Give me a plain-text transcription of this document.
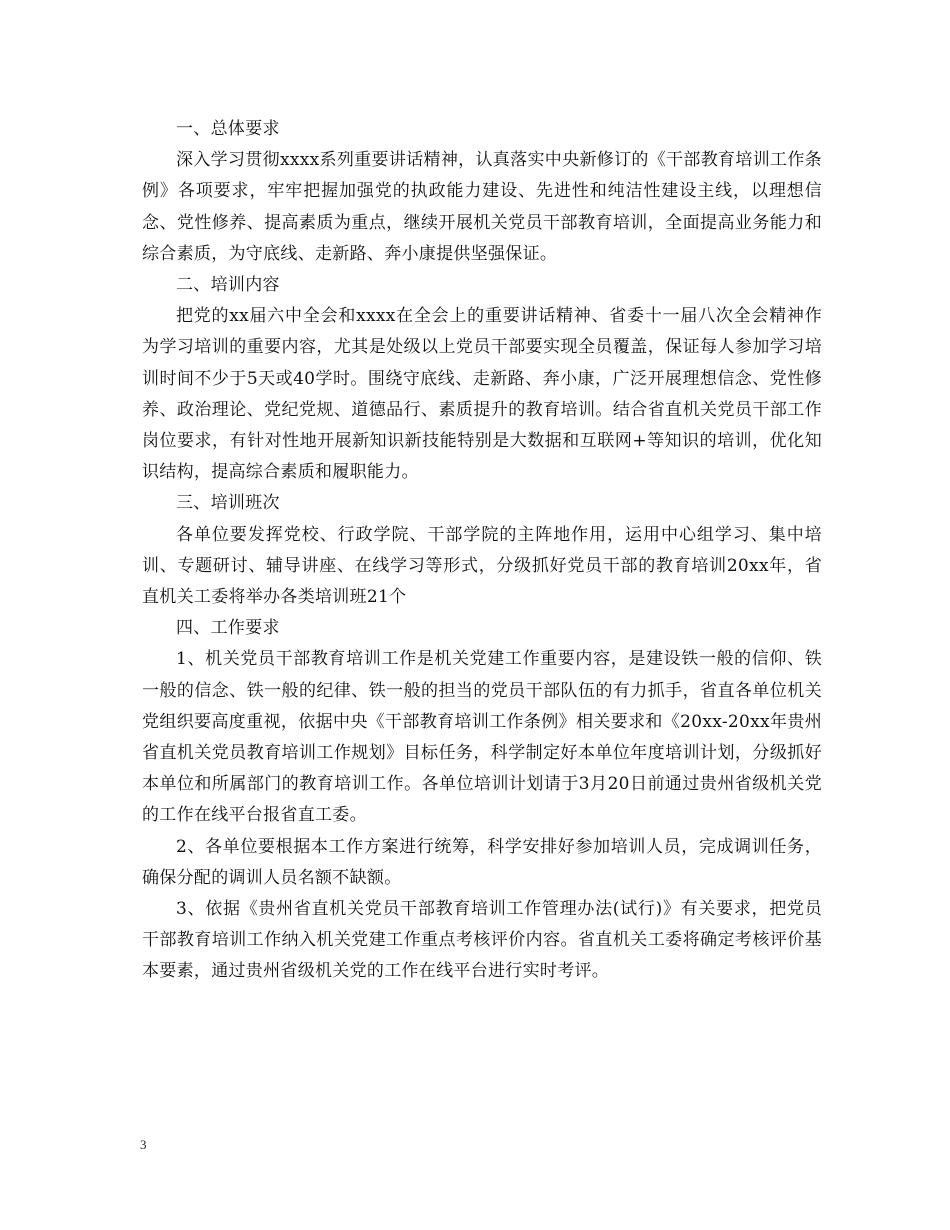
一、总体要求

深入学习贯彻xxxx系列重要讲话精神，认真落实中央新修订的《干部教育培训工作条例》各项要求，牢牢把握加强党的执政能力建设、先进性和纯洁性建设主线，以理想信念、党性修养、提高素质为重点，继续开展机关党员干部教育培训，全面提高业务能力和综合素质，为守底线、走新路、奔小康提供坚强保证。

二、培训内容

把党的xx届六中全会和xxxx在全会上的重要讲话精神、省委十一届八次全会精神作为学习培训的重要内容，尤其是处级以上党员干部要实现全员覆盖，保证每人参加学习培训时间不少于5天或40学时。围绕守底线、走新路、奔小康，广泛开展理想信念、党性修养、政治理论、党纪党规、道德品行、素质提升的教育培训。结合省直机关党员干部工作岗位要求，有针对性地开展新知识新技能特别是大数据和互联网+等知识的培训，优化知识结构，提高综合素质和履职能力。

三、培训班次

各单位要发挥党校、行政学院、干部学院的主阵地作用，运用中心组学习、集中培训、专题研讨、辅导讲座、在线学习等形式，分级抓好党员干部的教育培训20xx年，省直机关工委将举办各类培训班21个

四、工作要求

1、机关党员干部教育培训工作是机关党建工作重要内容，是建设铁一般的信仰、铁一般的信念、铁一般的纪律、铁一般的担当的党员干部队伍的有力抓手，省直各单位机关党组织要高度重视，依据中央《干部教育培训工作条例》相关要求和《20xx-20xx年贵州省直机关党员教育培训工作规划》目标任务，科学制定好本单位年度培训计划，分级抓好本单位和所属部门的教育培训工作。各单位培训计划请于3月20日前通过贵州省级机关党的工作在线平台报省直工委。

2、各单位要根据本工作方案进行统筹，科学安排好参加培训人员，完成调训任务，确保分配的调训人员名额不缺额。

3、依据《贵州省直机关党员干部教育培训工作管理办法(试行)》有关要求，把党员干部教育培训工作纳入机关党建工作重点考核评价内容。省直机关工委将确定考核评价基本要素，通过贵州省级机关党的工作在线平台进行实时考评。

3
